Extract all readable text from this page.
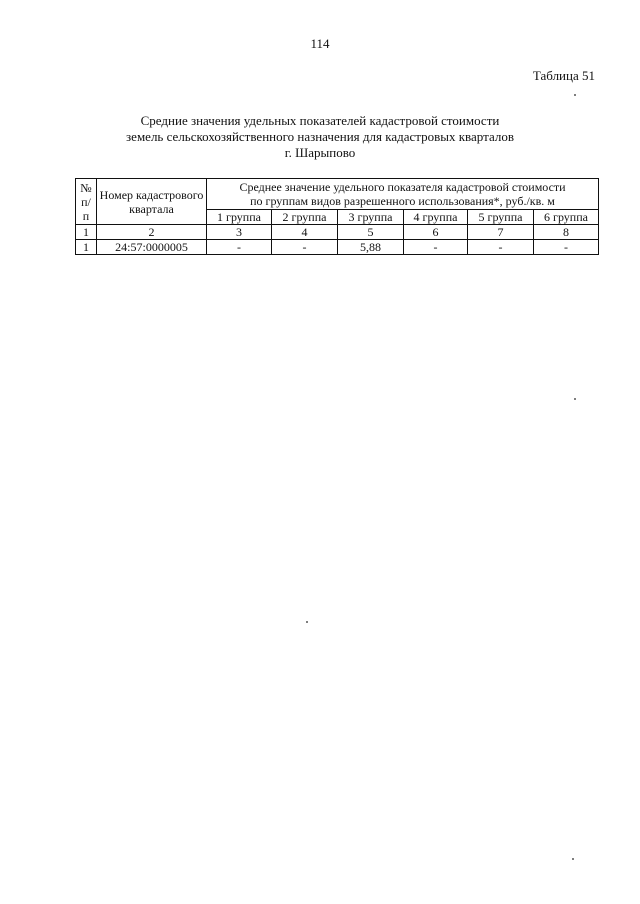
114
Таблица 51
Средние значения удельных показателей кадастровой стоимости
земель сельскохозяйственного назначения для кадастровых кварталов
г. Шарыпово
№ п/п	Номер кадастрового квартала	Среднее значение удельного показателя кадастровой стоимости
по группам видов разрешенного использования*, руб./кв. м					

		1 группа	2 группа	3 группа	4 группа	5 группа	6 группа
1	2	3	4	5	6	7	8
1	24:57:0000005	-	-	5,88	-	-	-
